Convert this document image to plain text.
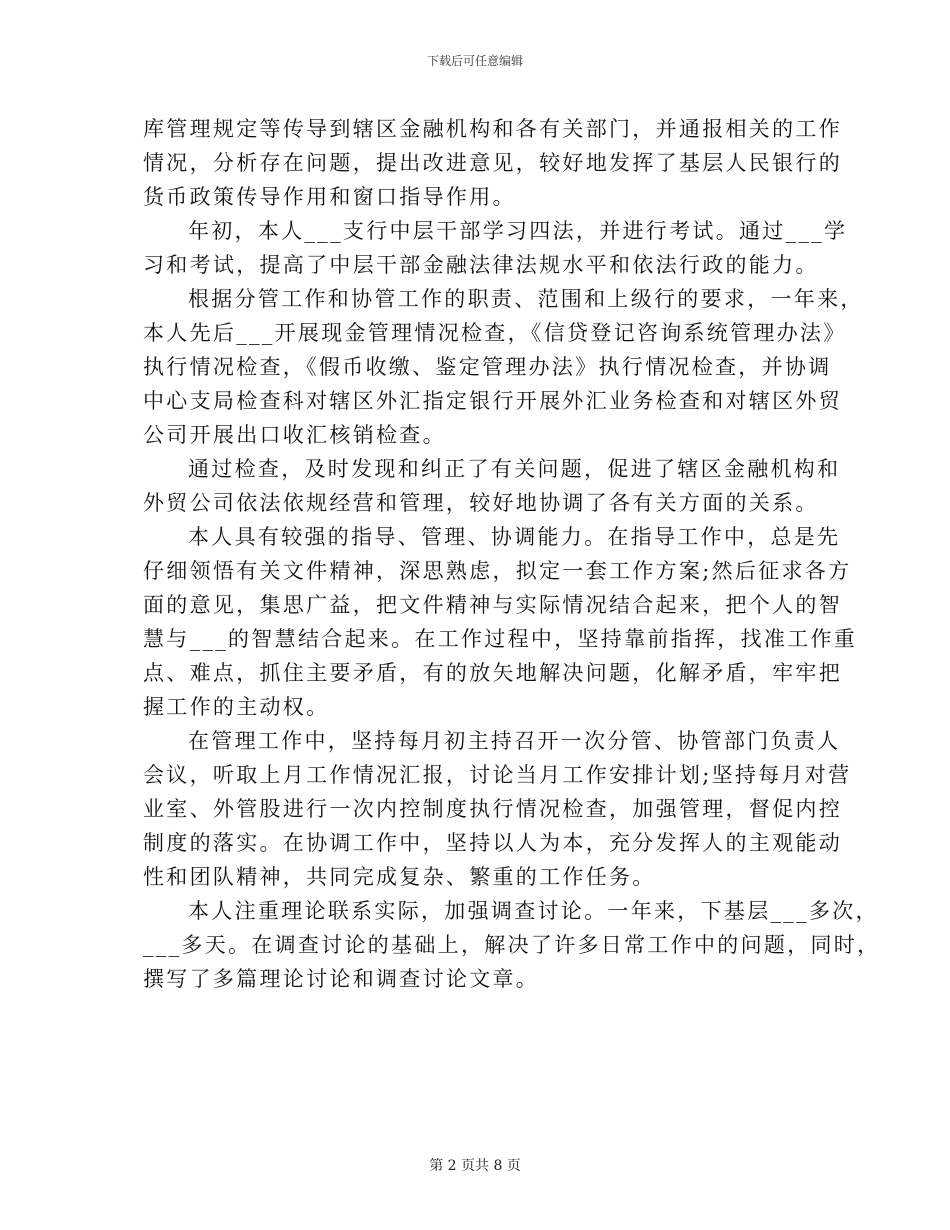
下载后可任意编辑
库管理规定等传导到辖区金融机构和各有关部门，并通报相关的工作
情况，分析存在问题，提出改进意见，较好地发挥了基层人民银行的
货币政策传导作用和窗口指导作用。
年初，本人___支行中层干部学习四法，并进行考试。通过___学
习和考试，提高了中层干部金融法律法规水平和依法行政的能力。
根据分管工作和协管工作的职责、范围和上级行的要求，一年来，
本人先后___开展现金管理情况检查，《信贷登记咨询系统管理办法》
执行情况检查，《假币收缴、鉴定管理办法》执行情况检查，并协调
中心支局检查科对辖区外汇指定银行开展外汇业务检查和对辖区外贸
公司开展出口收汇核销检查。
通过检查，及时发现和纠正了有关问题，促进了辖区金融机构和
外贸公司依法依规经营和管理，较好地协调了各有关方面的关系。
本人具有较强的指导、管理、协调能力。在指导工作中，总是先
仔细领悟有关文件精神，深思熟虑，拟定一套工作方案;然后征求各方
面的意见，集思广益，把文件精神与实际情况结合起来，把个人的智
慧与___的智慧结合起来。在工作过程中，坚持靠前指挥，找准工作重
点、难点，抓住主要矛盾，有的放矢地解决问题，化解矛盾，牢牢把
握工作的主动权。
在管理工作中，坚持每月初主持召开一次分管、协管部门负责人
会议，听取上月工作情况汇报，讨论当月工作安排计划;坚持每月对营
业室、外管股进行一次内控制度执行情况检查，加强管理，督促内控
制度的落实。在协调工作中，坚持以人为本，充分发挥人的主观能动
性和团队精神，共同完成复杂、繁重的工作任务。
本人注重理论联系实际，加强调查讨论。一年来，下基层___多次，
___多天。在调查讨论的基础上，解决了许多日常工作中的问题，同时，
撰写了多篇理论讨论和调查讨论文章。
第 2 页共 8 页
